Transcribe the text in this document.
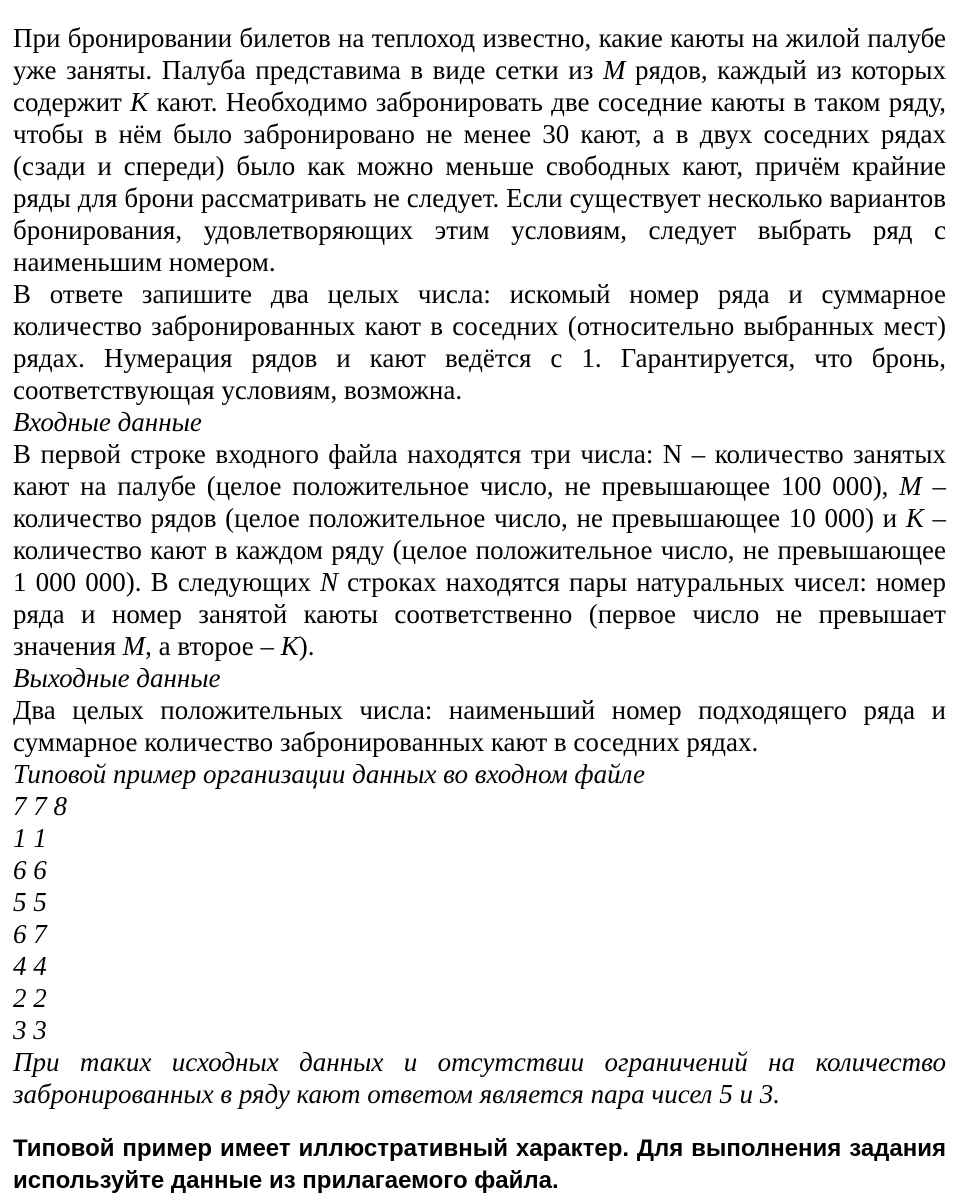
При бронировании билетов на теплоход известно, какие каюты на жилой палубе уже заняты. Палуба представима в виде сетки из M рядов, каждый из которых содержит K кают. Необходимо забронировать две соседние каюты в таком ряду, чтобы в нём было забронировано не менее 30 кают, а в двух соседних рядах (сзади и спереди) было как можно меньше свободных кают, причём крайние ряды для брони рассматривать не следует. Если существует несколько вариантов бронирования, удовлетворяющих этим условиям, следует выбрать ряд с наименьшим номером.

В ответе запишите два целых числа: искомый номер ряда и суммарное количество забронированных кают в соседних (относительно выбранных мест) рядах. Нумерация рядов и кают ведётся с 1. Гарантируется, что бронь, соответствующая условиям, возможна.

Входные данные

В первой строке входного файла находятся три числа: N – количество занятых кают на палубе (целое положительное число, не превышающее 100 000), M – количество рядов (целое положительное число, не превышающее 10 000) и K – количество кают в каждом ряду (целое положительное число, не превышающее 1 000 000). В следующих N строках находятся пары натуральных чисел: номер ряда и номер занятой каюты соответственно (первое число не превышает значения M, а второе – K).

Выходные данные

Два целых положительных числа: наименьший номер подходящего ряда и суммарное количество забронированных кают в соседних рядах.

Типовой пример организации данных во входном файле

7 7 8

1 1

6 6

5 5

6 7

4 4

2 2

3 3

При таких исходных данных и отсутствии ограничений на количество забронированных в ряду кают ответом является пара чисел 5 и 3.

Типовой пример имеет иллюстративный характер. Для выполнения задания используйте данные из прилагаемого файла.
